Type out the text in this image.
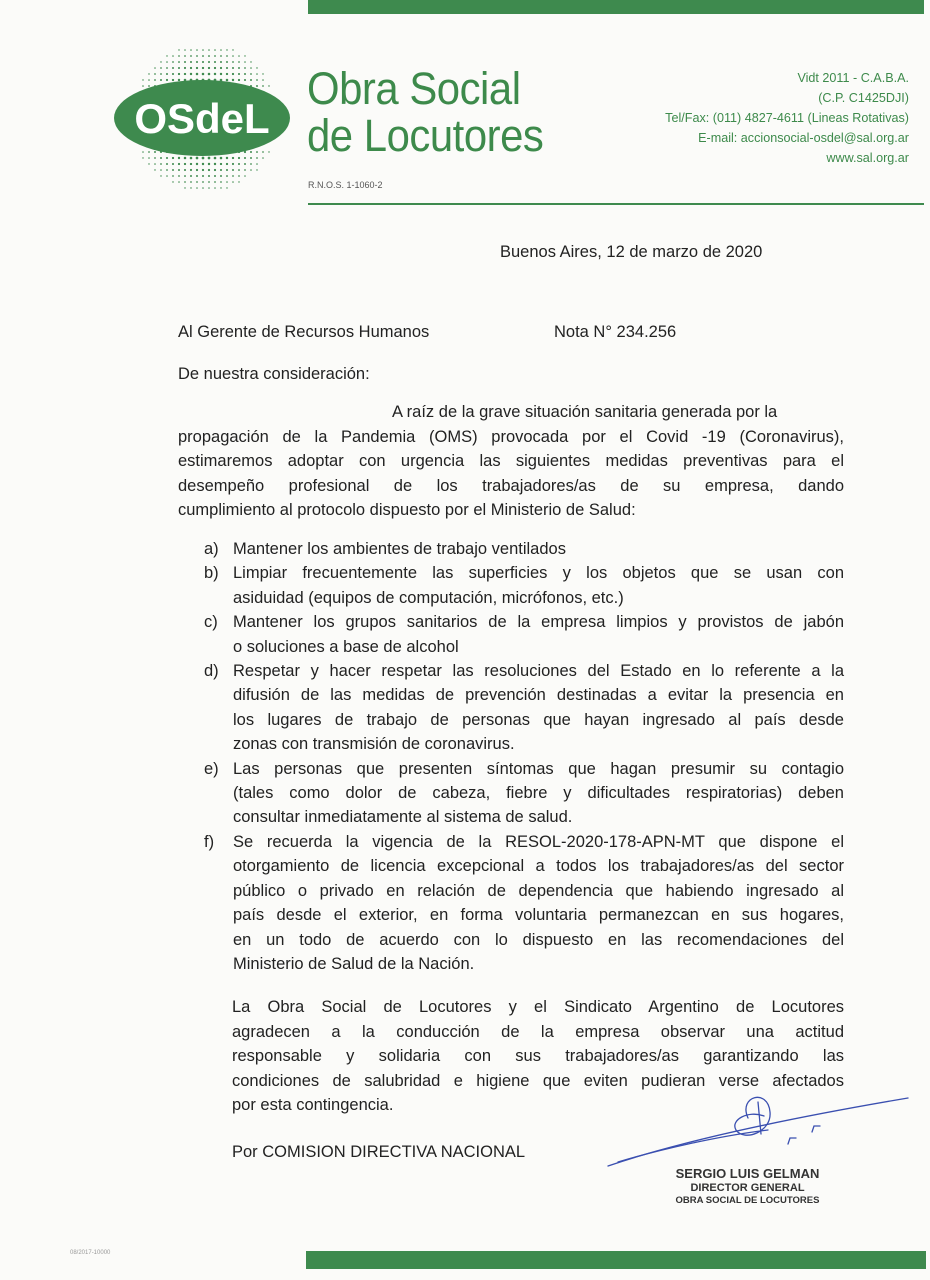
OSdeL
Obra Social
de Locutores
R.N.O.S. 1-1060-2
Vidt 2011 - C.A.B.A.
(C.P. C1425DJI)
Tel/Fax: (011) 4827-4611 (Lineas Rotativas)
E-mail: accionsocial-osdel@sal.org.ar
www.sal.org.ar
Buenos Aires, 12 de marzo de 2020
Al Gerente de Recursos Humanos	Nota N° 234.256
De nuestra consideración:
A raíz de la grave situación sanitaria generada por la
propagación de la Pandemia (OMS) provocada por el Covid -19 (Coronavirus),
estimaremos adoptar con urgencia las siguientes medidas preventivas para el
desempeño profesional de los trabajadores/as de su empresa, dando
cumplimiento al protocolo dispuesto por el Ministerio de Salud:
a) Mantener los ambientes de trabajo ventilados
b) Limpiar frecuentemente las superficies y los objetos que se usan con
asiduidad (equipos de computación, micrófonos, etc.)
c) Mantener los grupos sanitarios de la empresa limpios y provistos de jabón
o soluciones a base de alcohol
d) Respetar y hacer respetar las resoluciones del Estado en lo referente a la
difusión de las medidas de prevención destinadas a evitar la presencia en
los lugares de trabajo de personas que hayan ingresado al país desde
zonas con transmisión de coronavirus.
e) Las personas que presenten síntomas que hagan presumir su contagio
(tales como dolor de cabeza, fiebre y dificultades respiratorias) deben
consultar inmediatamente al sistema de salud.
f) Se recuerda la vigencia de la RESOL-2020-178-APN-MT que dispone el
otorgamiento de licencia excepcional a todos los trabajadores/as del sector
público o privado en relación de dependencia que habiendo ingresado al
país desde el exterior, en forma voluntaria permanezcan en sus hogares,
en un todo de acuerdo con lo dispuesto en las recomendaciones del
Ministerio de Salud de la Nación.
La Obra Social de Locutores y el Sindicato Argentino de Locutores
agradecen a la conducción de la empresa observar una actitud
responsable y solidaria con sus trabajadores/as garantizando las
condiciones de salubridad e higiene que eviten pudieran verse afectados
por esta contingencia.
Por COMISION DIRECTIVA NACIONAL
SERGIO LUIS GELMAN
DIRECTOR GENERAL
OBRA SOCIAL DE LOCUTORES
08/2017-10000
